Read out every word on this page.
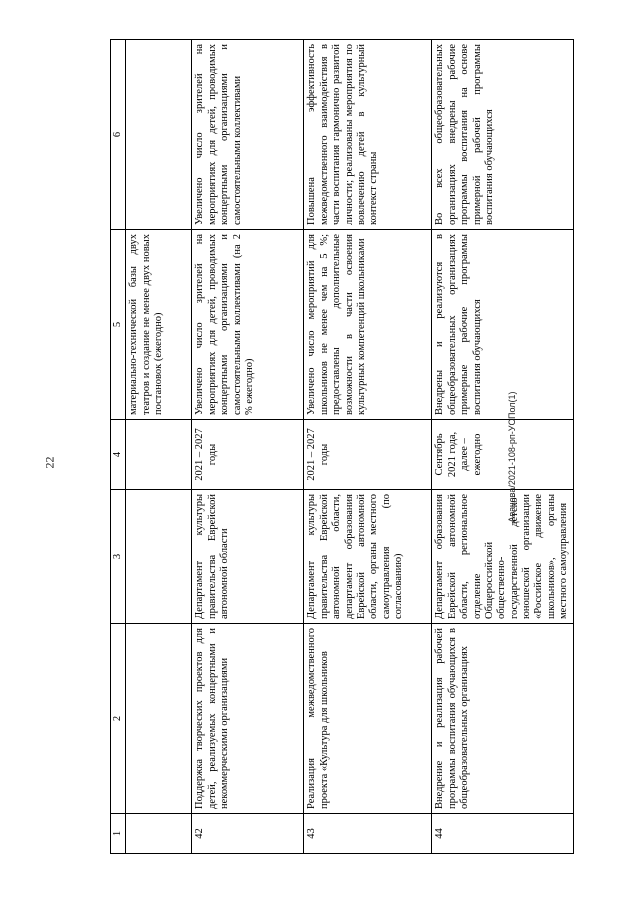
22
1	2	3	4	5	6
				материально-технической базы двух театров и создание не менее двух новых постановок (ежегодно)	
42	Поддержка творческих проектов для детей, реализуемых концертными и некоммерческими организациями	Департамент культуры правительства Еврейской автономной области	2021 – 2027 годы	Увеличено число зрителей на мероприятиях для детей, проводимых концертными организациями и самостоятельными коллективами (на 2 % ежегодно)	Увеличено число зрителей на мероприятиях для детей, проводимых концертными организациями и самостоятельными коллективами
43	Реализация межведомственного проекта «Культура для школьников	Департамент культуры правительства Еврейской автономной области, департамент образования Еврейской автономной области, органы местного самоуправления (по согласованию)	2021 – 2027 годы	Увеличено число мероприятий для школьников не менее чем на 5 %; предоставлены дополнительные возможности в части освоения культурных компетенций школьниками	Повышена эффективность межведомственного взаимодействия в части воспитания гармонично развитой личности; реализованы мероприятия по вовлечению детей в культурный контекст страны
44	Внедрение и реализация рабочей программы воспитания обучающихся в общеобразовательных организациях	Департамент образования Еврейской автономной области, региональное отделение Общероссийской общественно-государственной детско-юношеской организации «Российское движение школьников», органы местного самоуправления	Сентябрь 2021 года, далее – ежегодно	Внедрены и реализуются в общеобразовательных организациях примерные рабочие программы воспитания обучающихся	Во всех общеобразовательных организациях внедрены рабочие программы воспитания на основе примерной рабочей программы воспитания обучающихся
Авачева/2021-108-рп-УСПол(1)
